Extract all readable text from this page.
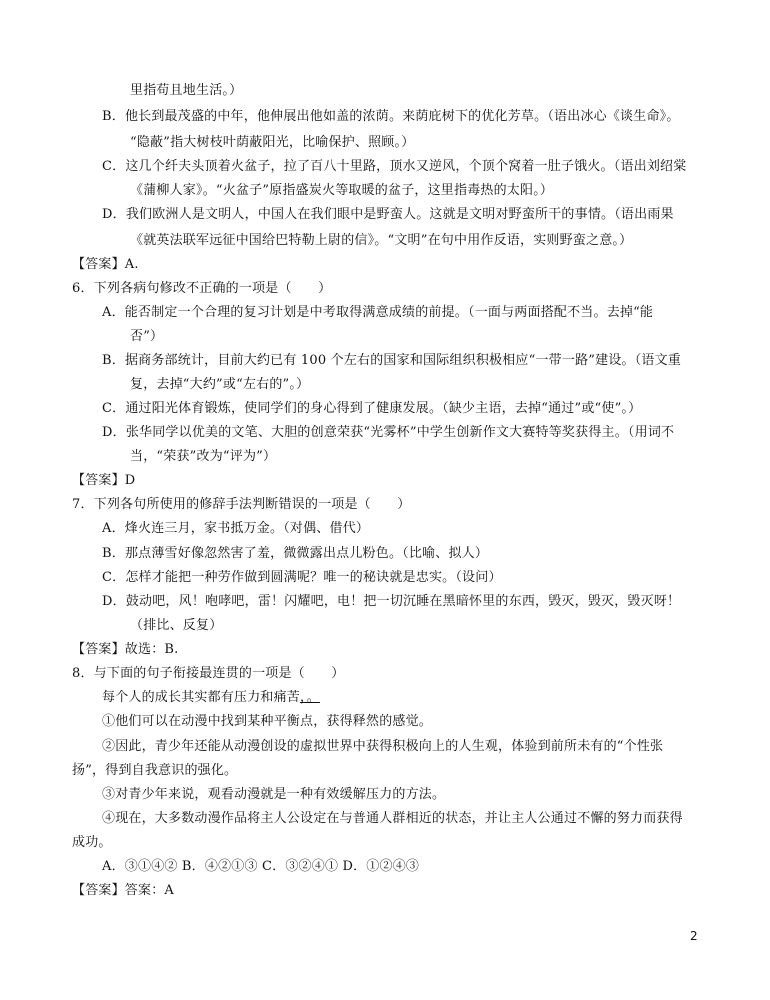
里指苟且地生活。）
B．他长到最茂盛的中年，他伸展出他如盖的浓荫。来荫庇树下的优化芳草。（语出冰心《谈生命》。
“隐蔽”指大树枝叶荫蔽阳光，比喻保护、照顾。）
C．这几个纤夫头顶着火盆子，拉了百八十里路，顶水又逆风，个顶个窝着一肚子饿火。（语出刘绍棠
《蒲柳人家》。“火盆子”原指盛炭火等取暖的盆子，这里指毒热的太阳。）
D．我们欧洲人是文明人，中国人在我们眼中是野蛮人。这就是文明对野蛮所干的事情。（语出雨果
《就英法联军远征中国给巴特勒上尉的信》。“文明”在句中用作反语，实则野蛮之意。）
【答案】A.
6．下列各病句修改不正确的一项是（　　）
A．能否制定一个合理的复习计划是中考取得满意成绩的前提。（一面与两面搭配不当。去掉“能
否”）
B．据商务部统计，目前大约已有 100 个左右的国家和国际组织积极相应“一带一路”建设。（语文重
复，去掉“大约”或“左右的”。）
C．通过阳光体育锻炼，使同学们的身心得到了健康发展。（缺少主语，去掉“通过”或“使”。）
D．张华同学以优美的文笔、大胆的创意荣获“光雾杯”中学生创新作文大赛特等奖获得主。（用词不
当，“荣获”改为“评为”）
【答案】D
7．下列各句所使用的修辞手法判断错误的一项是（　　）
A．烽火连三月，家书抵万金。（对偶、借代）
B．那点薄雪好像忽然害了羞，微微露出点儿粉色。（比喻、拟人）
C．怎样才能把一种劳作做到圆满呢？唯一的秘诀就是忠实。（设问）
D．鼓动吧，风！咆哮吧，雷！闪耀吧，电！把一切沉睡在黑暗怀里的东西，毁灭，毁灭，毁灭呀！
（排比、反复）
【答案】故选：B.
8．与下面的句子衔接最连贯的一项是（　　）
每个人的成长其实都有压力和痛苦，。
①他们可以在动漫中找到某种平衡点，获得释然的感觉。
②因此，青少年还能从动漫创设的虚拟世界中获得积极向上的人生观，体验到前所未有的“个性张
扬”，得到自我意识的强化。
③对青少年来说，观看动漫就是一种有效缓解压力的方法。
④现在，大多数动漫作品将主人公设定在与普通人群相近的状态，并让主人公通过不懈的努力而获得
成功。
A．③①④② B．④②①③ C．③②④① D．①②④③
【答案】答案：A
2
